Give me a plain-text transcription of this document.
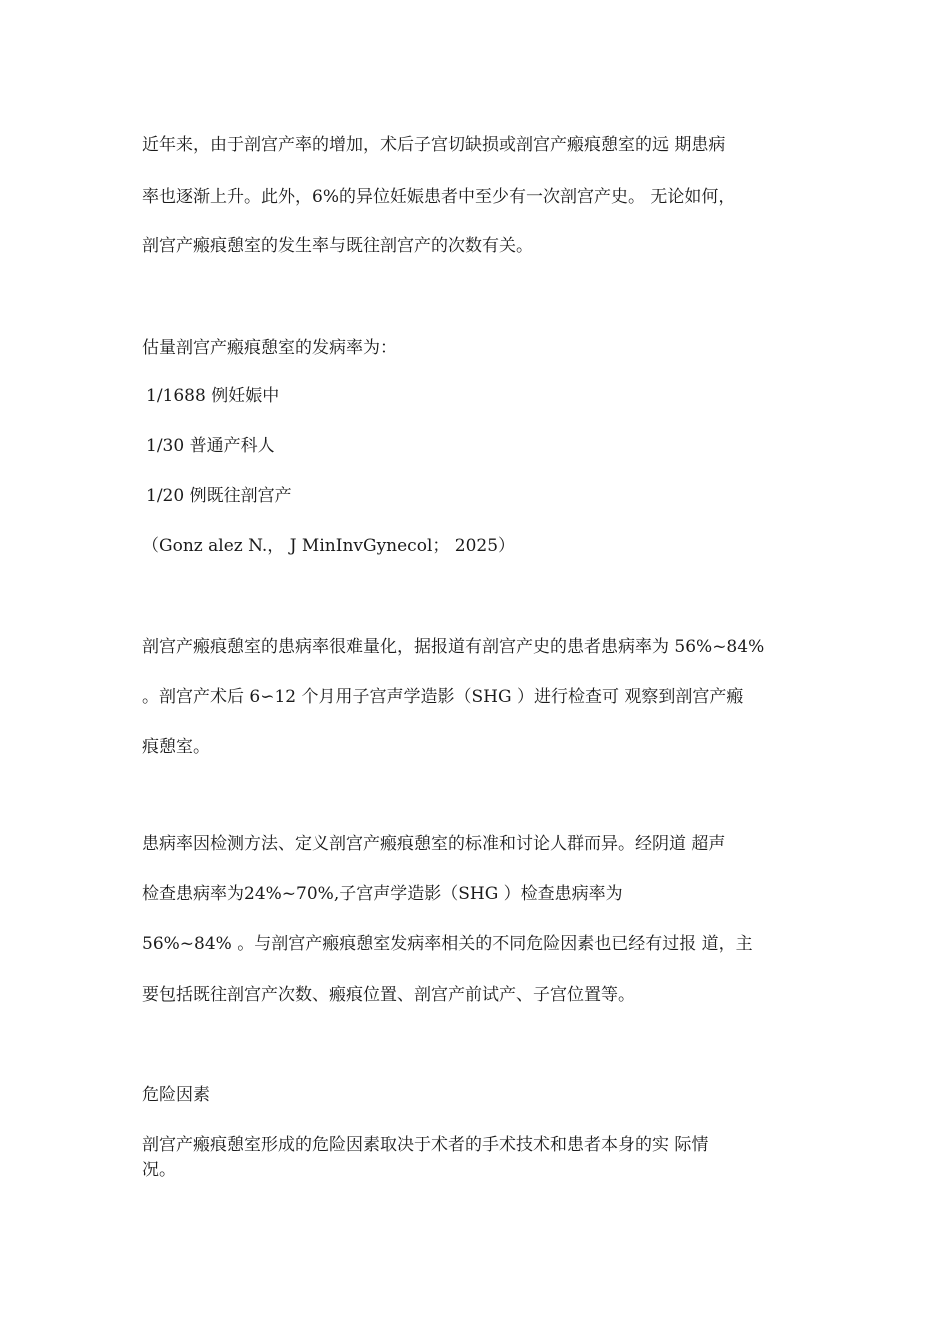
近年来，由于剖宫产率的增加，术后子宫切缺损或剖宫产瘢痕憩室的远 期患病
率也逐渐上升。此外，6%的异位妊娠患者中至少有一次剖宫产史。 无论如何，
剖宫产瘢痕憩室的发生率与既往剖宫产的次数有关。
估量剖宫产瘢痕憩室的发病率为：
1/1688 例妊娠中
1/30 普通产科人
1/20 例既往剖宫产
（Gonz alez N.， J MinInvGynecol； 2025）
剖宫产瘢痕憩室的患病率很难量化，据报道有剖宫产史的患者患病率为 56%~84%
。剖宫产术后 6∽12 个月用子宫声学造影（SHG ）进行检查可 观察到剖宫产瘢
痕憩室。
患病率因检测方法、定义剖宫产瘢痕憩室的标准和讨论人群而异。经阴道 超声
检查患病率为24%~70%,子宫声学造影（SHG ）检查患病率为
56%~84% 。与剖宫产瘢痕憩室发病率相关的不同危险因素也已经有过报 道，主
要包括既往剖宫产次数、瘢痕位置、剖宫产前试产、子宫位置等。
危险因素
剖宫产瘢痕憩室形成的危险因素取决于术者的手术技术和患者本身的实 际情
况。
